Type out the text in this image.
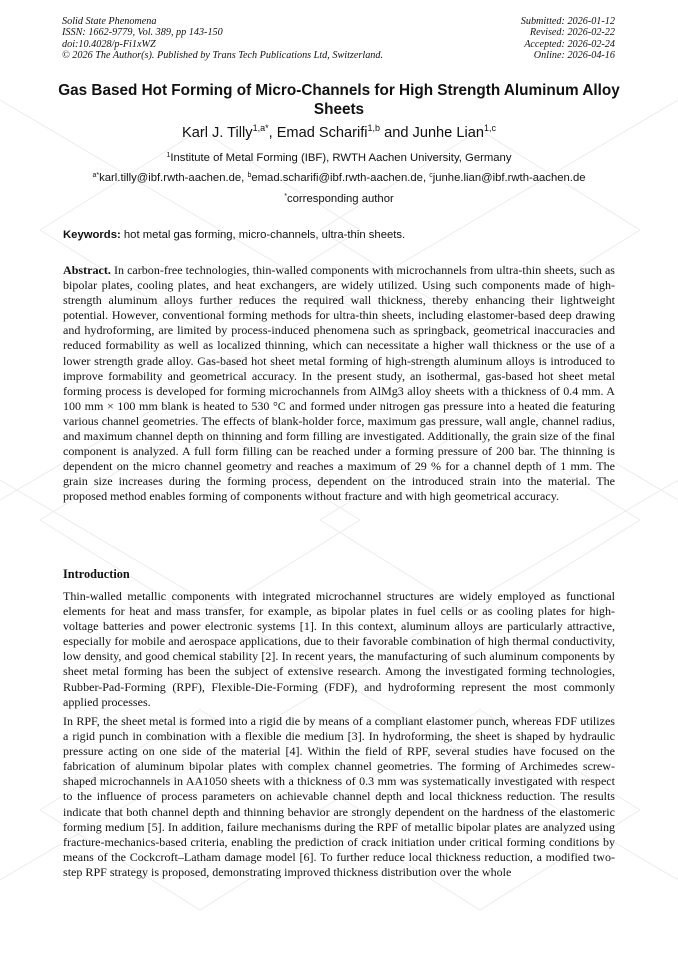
Solid State Phenomena
ISSN: 1662-9779, Vol. 389, pp 143-150
doi:10.4028/p-Fi1xWZ
© 2026 The Author(s). Published by Trans Tech Publications Ltd, Switzerland.
Submitted: 2026-01-12
Revised: 2026-02-22
Accepted: 2026-02-24
Online: 2026-04-16
Gas Based Hot Forming of Micro-Channels for High Strength Aluminum Alloy Sheets
Karl J. Tilly$^{1,a*}$, Emad Scharifi$^{1,b}$ and Junhe Lian$^{1,c}$
$^1$Institute of Metal Forming (IBF), RWTH Aachen University, Germany
$^{a*}$karl.tilly@ibf.rwth-aachen.de, $^b$emad.scharifi@ibf.rwth-aachen.de, $^c$junhe.lian@ibf.rwth-aachen.de
*corresponding author
Keywords: hot metal gas forming, micro-channels, ultra-thin sheets.
Abstract. In carbon-free technologies, thin-walled components with microchannels from ultra-thin sheets, such as bipolar plates, cooling plates, and heat exchangers, are widely utilized. Using such components made of high-strength aluminum alloys further reduces the required wall thickness, thereby enhancing their lightweight potential. However, conventional forming methods for ultra-thin sheets, including elastomer-based deep drawing and hydroforming, are limited by process-induced phenomena such as springback, geometrical inaccuracies and reduced formability as well as localized thinning, which can necessitate a higher wall thickness or the use of a lower strength grade alloy. Gas-based hot sheet metal forming of high-strength aluminum alloys is introduced to improve formability and geometrical accuracy. In the present study, an isothermal, gas-based hot sheet metal forming process is developed for forming microchannels from AlMg3 alloy sheets with a thickness of 0.4 mm. A 100 mm × 100 mm blank is heated to 530 °C and formed under nitrogen gas pressure into a heated die featuring various channel geometries. The effects of blank-holder force, maximum gas pressure, wall angle, channel radius, and maximum channel depth on thinning and form filling are investigated. Additionally, the grain size of the final component is analyzed. A full form filling can be reached under a forming pressure of 200 bar. The thinning is dependent on the micro channel geometry and reaches a maximum of 29 % for a channel depth of 1 mm. The grain size increases during the forming process, dependent on the introduced strain into the material. The proposed method enables forming of components without fracture and with high geometrical accuracy.
Introduction
Thin-walled metallic components with integrated microchannel structures are widely employed as functional elements for heat and mass transfer, for example, as bipolar plates in fuel cells or as cooling plates for high-voltage batteries and power electronic systems [1]. In this context, aluminum alloys are particularly attractive, especially for mobile and aerospace applications, due to their favorable combination of high thermal conductivity, low density, and good chemical stability [2]. In recent years, the manufacturing of such aluminum components by sheet metal forming has been the subject of extensive research. Among the investigated forming technologies, Rubber-Pad-Forming (RPF), Flexible-Die-Forming (FDF), and hydroforming represent the most commonly applied processes.
In RPF, the sheet metal is formed into a rigid die by means of a compliant elastomer punch, whereas FDF utilizes a rigid punch in combination with a flexible die medium [3]. In hydroforming, the sheet is shaped by hydraulic pressure acting on one side of the material [4]. Within the field of RPF, several studies have focused on the fabrication of aluminum bipolar plates with complex channel geometries. The forming of Archimedes screw-shaped microchannels in AA1050 sheets with a thickness of 0.3 mm was systematically investigated with respect to the influence of process parameters on achievable channel depth and local thickness reduction. The results indicate that both channel depth and thinning behavior are strongly dependent on the hardness of the elastomeric forming medium [5]. In addition, failure mechanisms during the RPF of metallic bipolar plates are analyzed using fracture-mechanics-based criteria, enabling the prediction of crack initiation under critical forming conditions by means of the Cockcroft–Latham damage model [6]. To further reduce local thickness reduction, a modified two-step RPF strategy is proposed, demonstrating improved thickness distribution over the whole
